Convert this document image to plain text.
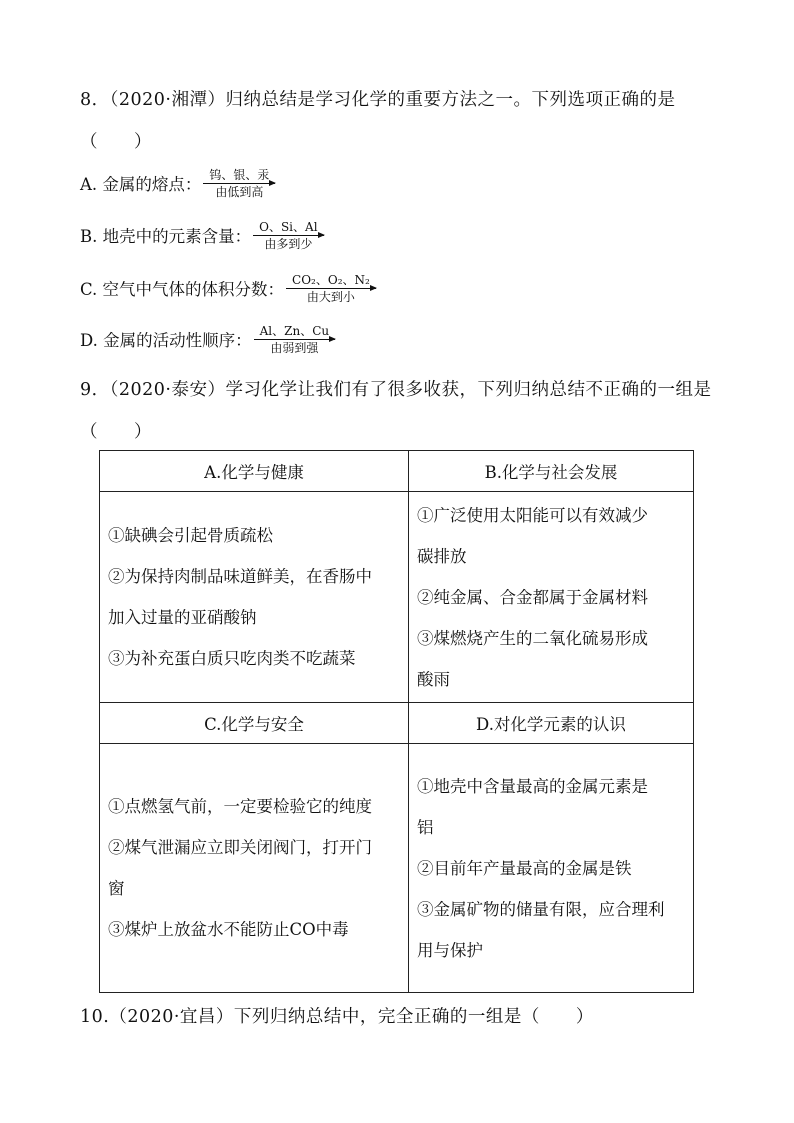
8．（2020·湘潭）归纳总结是学习化学的重要方法之一。下列选项正确的是
（　　）
A. 金属的熔点：
钨、银、汞
由低到高
B. 地壳中的元素含量：
O、Si、Al
由多到少
C. 空气中气体的体积分数：
CO₂、O₂、N₂
由大到小
D. 金属的活动性顺序：
Al、Zn、Cu
由弱到强
9．（2020·泰安）学习化学让我们有了很多收获，下列归纳总结不正确的一组是
（　　）
A.化学与健康	B.化学与社会发展

①缺碘会引起骨质疏松
②为保持肉制品味道鲜美，在香肠中
加入过量的亚硝酸钠
③为补充蛋白质只吃肉类不吃蔬菜	①广泛使用太阳能可以有效减少
碳排放
②纯金属、合金都属于金属材料
③煤燃烧产生的二氧化硫易形成
酸雨

C.化学与安全	D.对化学元素的认识

①点燃氢气前，一定要检验它的纯度
②煤气泄漏应立即关闭阀门，打开门
窗
③煤炉上放盆水不能防止CO中毒	①地壳中含量最高的金属元素是
铝
②目前年产量最高的金属是铁
③金属矿物的储量有限，应合理利
用与保护
10.（2020·宜昌）下列归纳总结中，完全正确的一组是（　　）
